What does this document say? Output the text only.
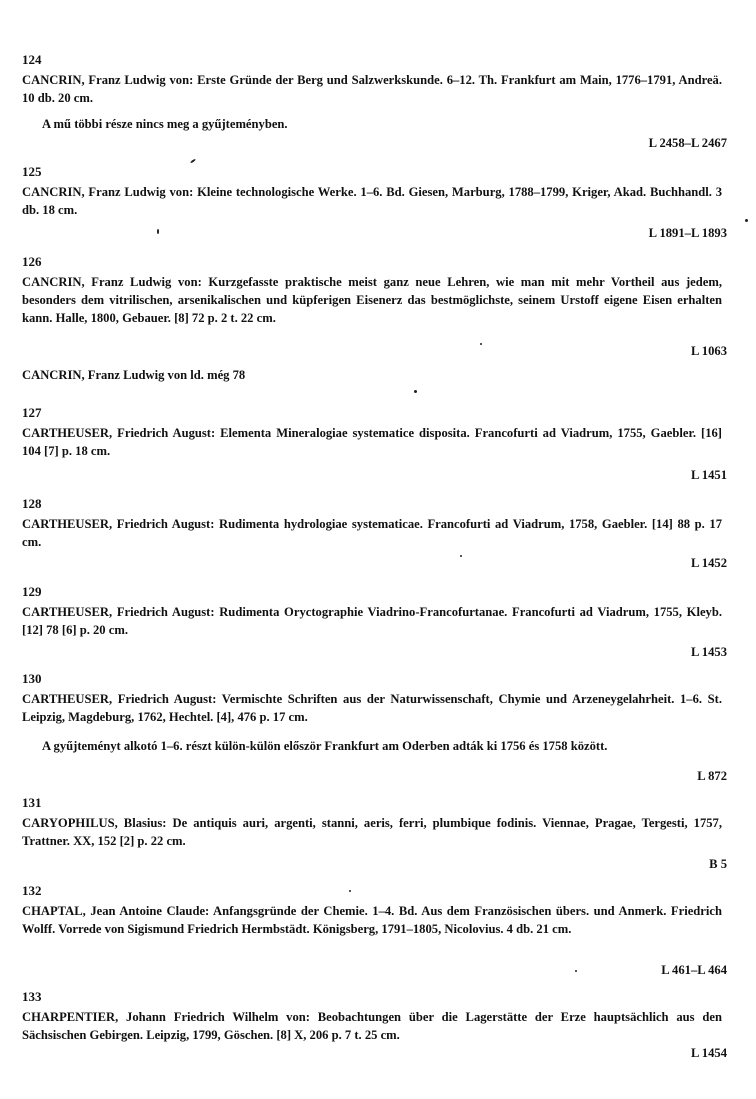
124
CANCRIN, Franz Ludwig von: Erste Gründe der Berg und Salzwerkskunde. 6–12. Th. Frankfurt am Main, 1776–1791, Andreä. 10 db. 20 cm.
A mű többi része nincs meg a gyűjteményben.
L 2458–L 2467
125
CANCRIN, Franz Ludwig von: Kleine technologische Werke. 1–6. Bd. Giesen, Marburg, 1788–1799, Kriger, Akad. Buchhandl. 3 db. 18 cm.
L 1891–L 1893
126
CANCRIN, Franz Ludwig von: Kurzgefasste praktische meist ganz neue Lehren, wie man mit mehr Vortheil aus jedem, besonders dem vitrilischen, arsenikalischen und küpferigen Eisenerz das bestmöglichste, seinem Urstoff eigene Eisen erhalten kann. Halle, 1800, Gebauer. [8] 72 p. 2 t. 22 cm.
L 1063
CANCRIN, Franz Ludwig von ld. még 78
127
CARTHEUSER, Friedrich August: Elementa Mineralogiae systematice disposita. Francofurti ad Viadrum, 1755, Gaebler. [16] 104 [7] p. 18 cm.
L 1451
128
CARTHEUSER, Friedrich August: Rudimenta hydrologiae systematicae. Francofurti ad Viadrum, 1758, Gaebler. [14] 88 p. 17 cm.
L 1452
129
CARTHEUSER, Friedrich August: Rudimenta Oryctographie Viadrino-Francofurtanae. Francofurti ad Viadrum, 1755, Kleyb. [12] 78 [6] p. 20 cm.
L 1453
130
CARTHEUSER, Friedrich August: Vermischte Schriften aus der Naturwissenschaft, Chymie und Arzeneygelahrheit. 1–6. St. Leipzig, Magdeburg, 1762, Hechtel. [4], 476 p. 17 cm.
A gyűjteményt alkotó 1–6. részt külön-külön először Frankfurt am Oderben adták ki 1756 és 1758 között.
L 872
131
CARYOPHILUS, Blasius: De antiquis auri, argenti, stanni, aeris, ferri, plumbique fodinis. Viennae, Pragae, Tergesti, 1757, Trattner. XX, 152 [2] p. 22 cm.
B 5
132
CHAPTAL, Jean Antoine Claude: Anfangsgründe der Chemie. 1–4. Bd. Aus dem Französischen übers. und Anmerk. Friedrich Wolff. Vorrede von Sigismund Friedrich Hermbstädt. Königsberg, 1791–1805, Nicolovius. 4 db. 21 cm.
L 461–L 464
133
CHARPENTIER, Johann Friedrich Wilhelm von: Beobachtungen über die Lagerstätte der Erze hauptsächlich aus den Sächsischen Gebirgen. Leipzig, 1799, Göschen. [8] X, 206 p. 7 t. 25 cm.
L 1454
